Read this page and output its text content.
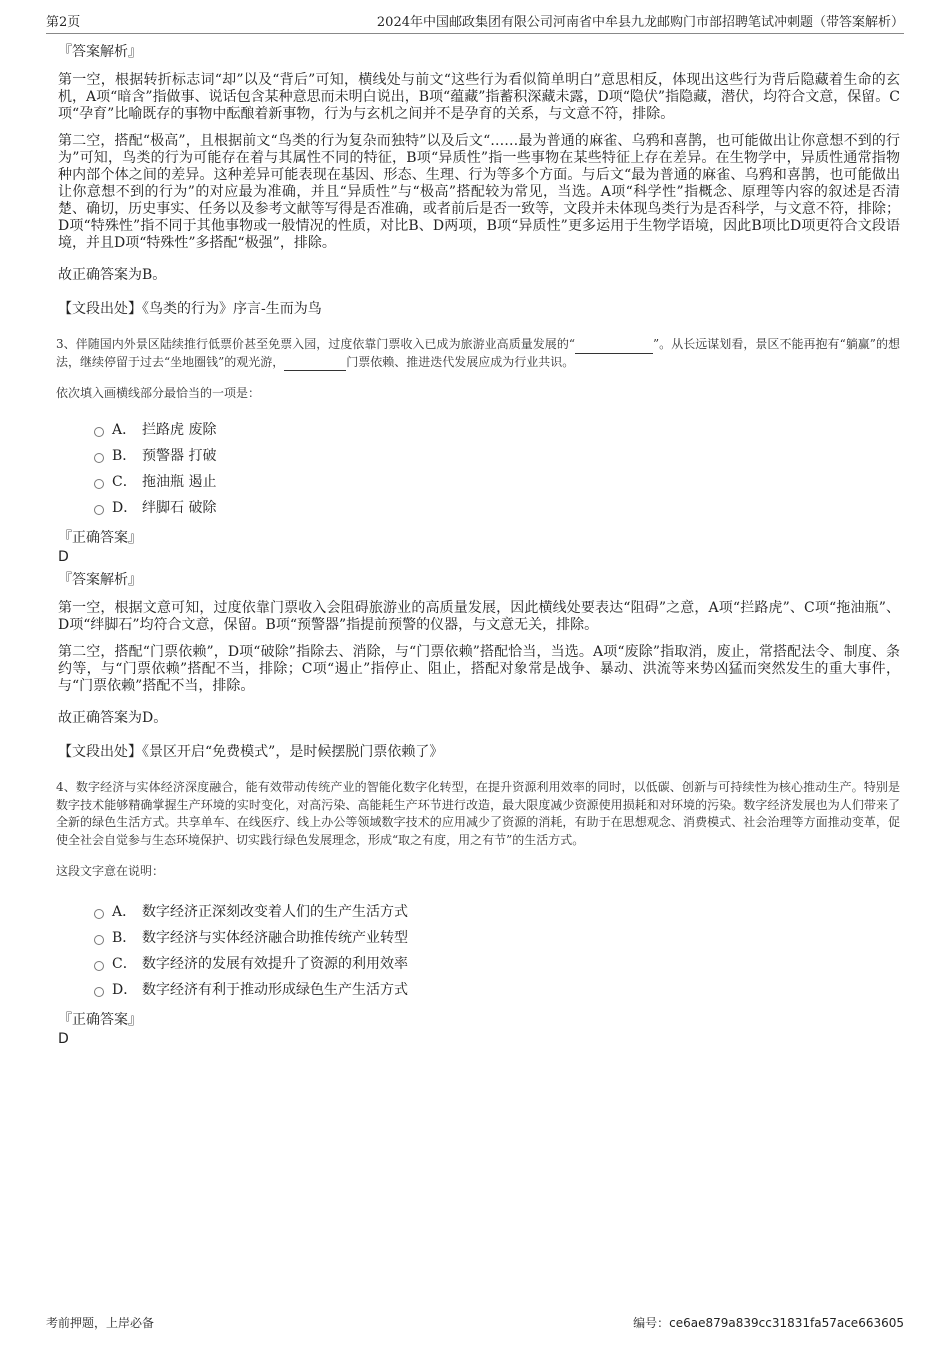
第2页	2024年中国邮政集团有限公司河南省中牟县九龙邮购门市部招聘笔试冲刺题（带答案解析）
『答案解析』

第一空，根据转折标志词“却”以及“背后”可知，横线处与前文“这些行为看似简单明白”意思相反，体现出这些行为背后隐藏着生命的玄机，A项“暗含”指做事、说话包含某种意思而未明白说出，B项“蕴藏”指蓄积深藏未露，D项“隐伏”指隐藏，潜伏，均符合文意，保留。C项“孕育”比喻既存的事物中酝酿着新事物，行为与玄机之间并不是孕育的关系，与文意不符，排除。

第二空，搭配“极高”，且根据前文“鸟类的行为复杂而独特”以及后文“……最为普通的麻雀、乌鸦和喜鹊，也可能做出让你意想不到的行为”可知，鸟类的行为可能存在着与其属性不同的特征，B项“异质性”指一些事物在某些特征上存在差异。在生物学中，异质性通常指物种内部个体之间的差异。这种差异可能表现在基因、形态、生理、行为等多个方面。与后文“最为普通的麻雀、乌鸦和喜鹊，也可能做出让你意想不到的行为”的对应最为准确，并且“异质性”与“极高”搭配较为常见，当选。A项“科学性”指概念、原理等内容的叙述是否清楚、确切，历史事实、任务以及参考文献等写得是否准确，或者前后是否一致等，文段并未体现鸟类行为是否科学，与文意不符，排除；D项“特殊性”指不同于其他事物或一般情况的性质，对比B、D两项，B项“异质性”更多运用于生物学语境，因此B项比D项更符合文段语境，并且D项“特殊性”多搭配“极强”，排除。

故正确答案为B。
【文段出处】《鸟类的行为》序言-生而为鸟

3、伴随国内外景区陆续推行低票价甚至免票入园，过度依靠门票收入已成为旅游业高质量发展的“	”。从长远谋划看，景区不能再抱有“躺赢”的想法，继续停留于过去“坐地圈钱”的观光游，	门票依赖、推进迭代发展应成为行业共识。

依次填入画横线部分最恰当的一项是：
A． 拦路虎 废除
B． 预警器 打破
C． 拖油瓶 遏止
D． 绊脚石 破除
『正确答案』
D
『答案解析』

第一空，根据文意可知，过度依靠门票收入会阻碍旅游业的高质量发展，因此横线处要表达“阻碍”之意，A项“拦路虎”、C项“拖油瓶”、D项“绊脚石”均符合文意，保留。B项“预警器”指提前预警的仪器，与文意无关，排除。

第二空，搭配“门票依赖”，D项“破除”指除去、消除，与“门票依赖”搭配恰当，当选。A项“废除”指取消，废止，常搭配法令、制度、条约等，与“门票依赖”搭配不当，排除；C项“遏止”指停止、阻止，搭配对象常是战争、暴动、洪流等来势凶猛而突然发生的重大事件，与“门票依赖”搭配不当，排除。

故正确答案为D。
【文段出处】《景区开启“免费模式”，是时候摆脱门票依赖了》

4、数字经济与实体经济深度融合，能有效带动传统产业的智能化数字化转型，在提升资源利用效率的同时，以低碳、创新与可持续性为核心推动生产。特别是数字技术能够精确掌握生产环境的实时变化，对高污染、高能耗生产环节进行改造，最大限度减少资源使用损耗和对环境的污染。数字经济发展也为人们带来了全新的绿色生活方式。共享单车、在线医疗、线上办公等领域数字技术的应用减少了资源的消耗，有助于在思想观念、消费模式、社会治理等方面推动变革，促使全社会自觉参与生态环境保护、切实践行绿色发展理念，形成“取之有度，用之有节”的生活方式。

这段文字意在说明：
A． 数字经济正深刻改变着人们的生产生活方式
B． 数字经济与实体经济融合助推传统产业转型
C． 数字经济的发展有效提升了资源的利用效率
D． 数字经济有利于推动形成绿色生产生活方式
『正确答案』
D
考前押题，上岸必备	编号：ce6ae879a839cc31831fa57ace663605
